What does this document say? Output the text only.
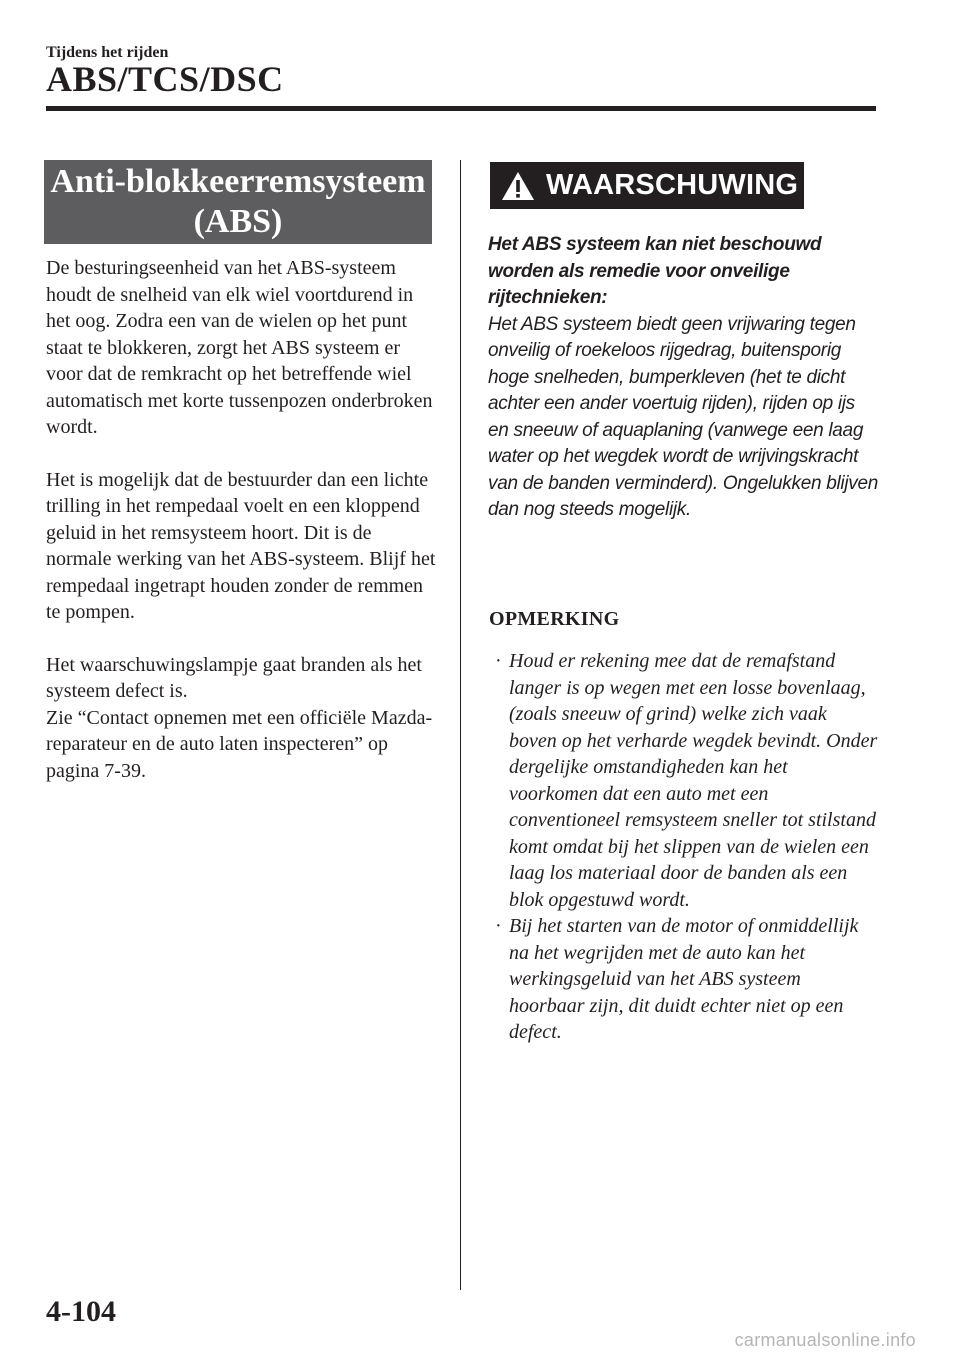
Tijdens het rijden
ABS/TCS/DSC
Anti-blokkeerremsysteem
(ABS)

De besturingseenheid van het ABS-systeem houdt de snelheid van elk wiel voortdurend in het oog. Zodra een van de wielen op het punt staat te blokkeren, zorgt het ABS systeem er voor dat de remkracht op het betreffende wiel automatisch met korte tussenpozen onderbroken wordt.

Het is mogelijk dat de bestuurder dan een lichte trilling in het rempedaal voelt en een kloppend geluid in het remsysteem hoort. Dit is de normale werking van het ABS-systeem. Blijf het rempedaal ingetrapt houden zonder de remmen te pompen.

Het waarschuwingslampje gaat branden als het systeem defect is.
Zie “Contact opnemen met een officiële Mazda-reparateur en de auto laten inspecteren” op pagina 7-39.

WAARSCHUWING
Het ABS systeem kan niet beschouwd worden als remedie voor onveilige rijtechnieken:
Het ABS systeem biedt geen vrijwaring tegen onveilig of roekeloos rijgedrag, buitensporig hoge snelheden, bumperkleven (het te dicht achter een ander voertuig rijden), rijden op ijs en sneeuw of aquaplaning (vanwege een laag water op het wegdek wordt de wrijvingskracht van de banden verminderd). Ongelukken blijven dan nog steeds mogelijk.
OPMERKING
· Houd er rekening mee dat de remafstand langer is op wegen met een losse bovenlaag, (zoals sneeuw of grind) welke zich vaak boven op het verharde wegdek bevindt. Onder dergelijke omstandigheden kan het voorkomen dat een auto met een conventioneel remsysteem sneller tot stilstand komt omdat bij het slippen van de wielen een laag los materiaal door de banden als een blok opgestuwd wordt.
· Bij het starten van de motor of onmiddellijk na het wegrijden met de auto kan het werkingsgeluid van het ABS systeem hoorbaar zijn, dit duidt echter niet op een defect.
4-104
carmanualsonline.info
